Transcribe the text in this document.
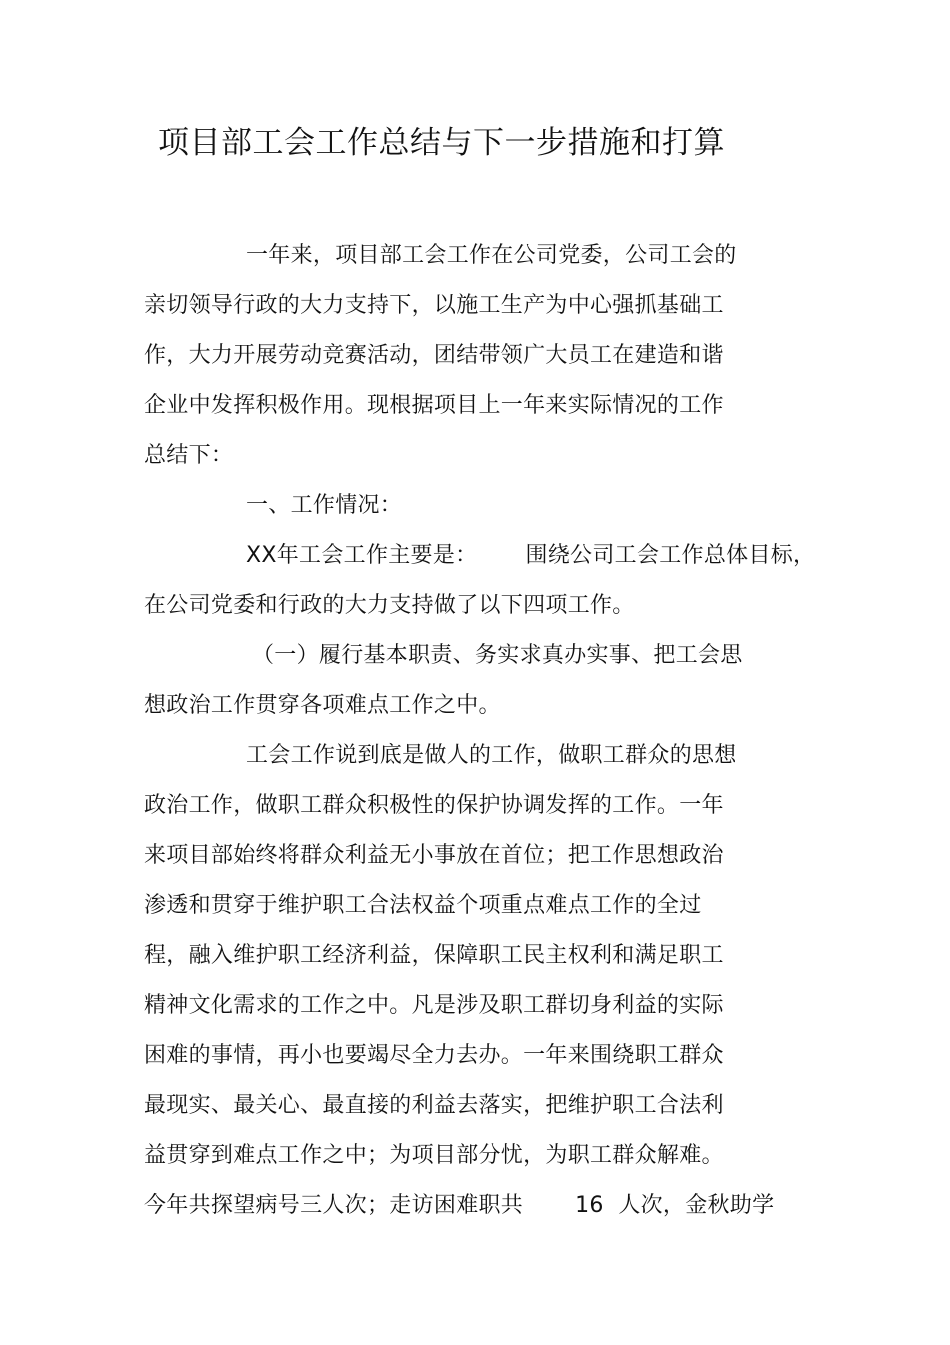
项目部工会工作总结与下一步措施和打算
一年来，项目部工会工作在公司党委，公司工会的
亲切领导行政的大力支持下，以施工生产为中心强抓基础工
作，大力开展劳动竞赛活动，团结带领广大员工在建造和谐
企业中发挥积极作用。现根据项目上一年来实际情况的工作
总结下：
一、工作情况：
XX年工会工作主要是： 围绕公司工会工作总体目标，
在公司党委和行政的大力支持做了以下四项工作。
（一）履行基本职责、务实求真办实事、把工会思
想政治工作贯穿各项难点工作之中。
工会工作说到底是做人的工作，做职工群众的思想
政治工作，做职工群众积极性的保护协调发挥的工作。一年
来项目部始终将群众利益无小事放在首位；把工作思想政治
渗透和贯穿于维护职工合法权益个项重点难点工作的全过
程，融入维护职工经济利益，保障职工民主权利和满足职工
精神文化需求的工作之中。凡是涉及职工群切身利益的实际
困难的事情，再小也要竭尽全力去办。一年来围绕职工群众
最现实、最关心、最直接的利益去落实，把维护职工合法利
益贯穿到难点工作之中；为项目部分忧，为职工群众解难。
今年共探望病号三人次；走访困难职共 16 人次，金秋助学
